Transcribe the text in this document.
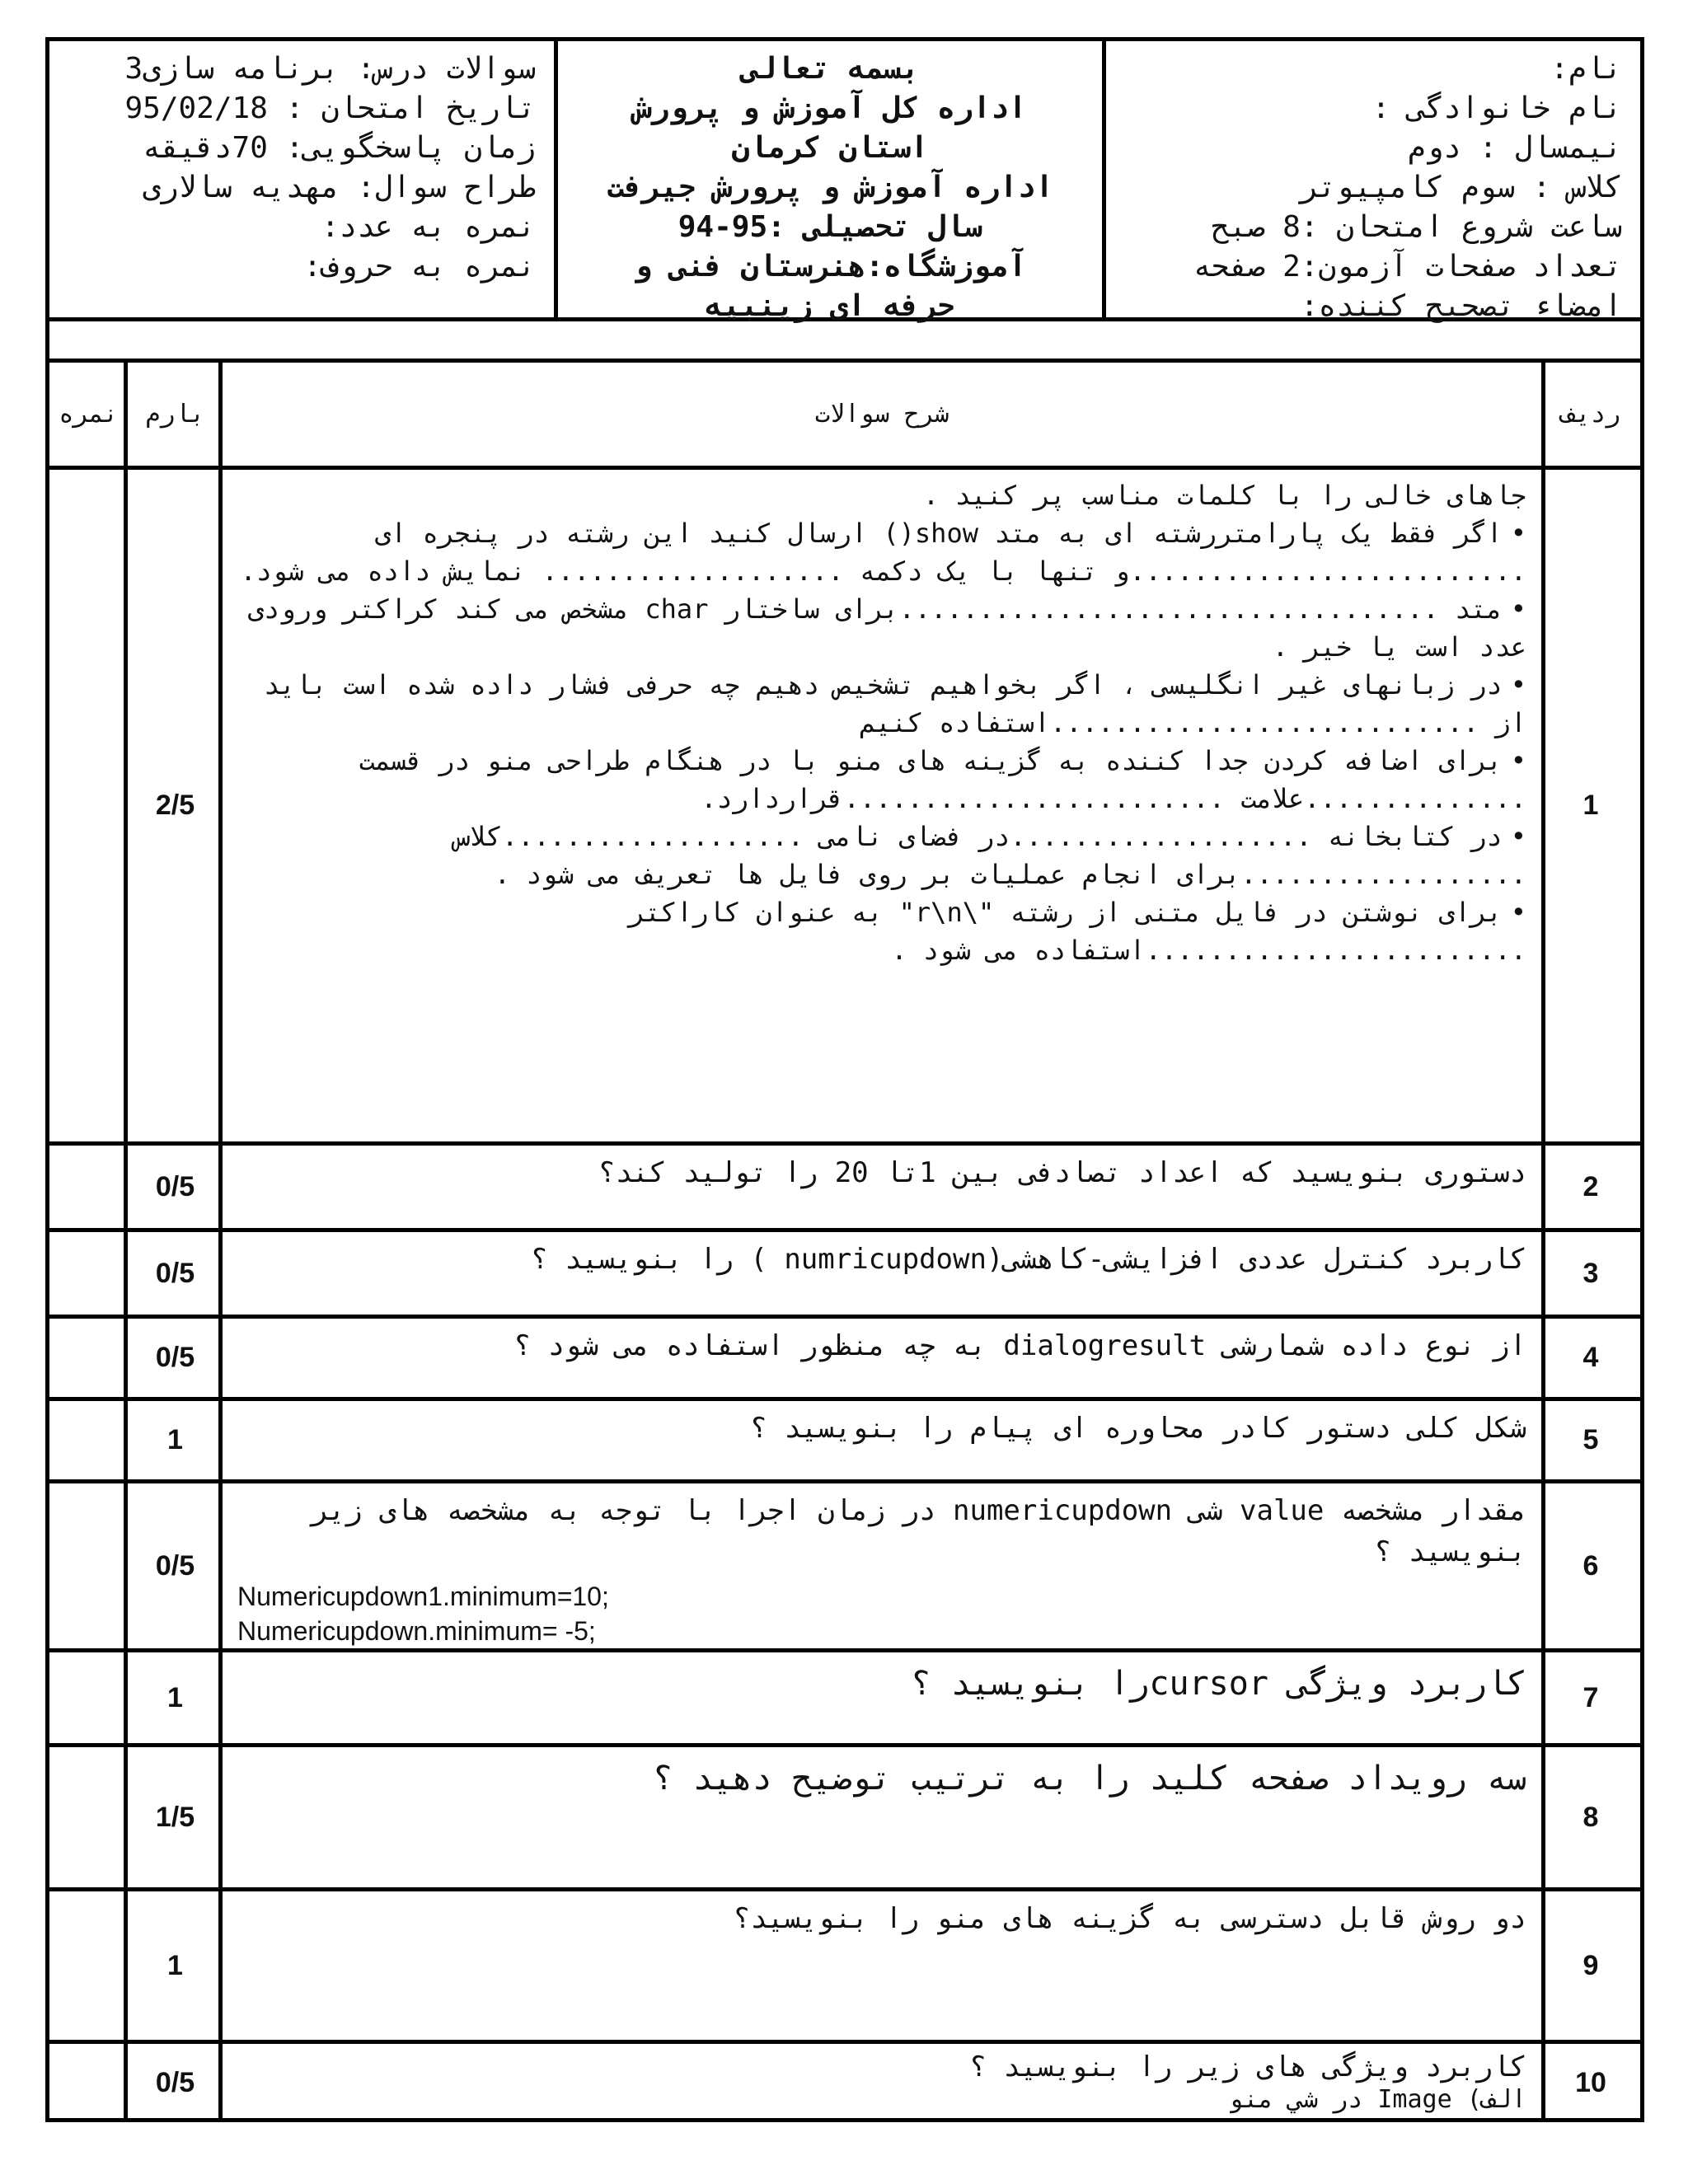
سوالات درس: برنامه سازی3
تاریخ امتحان : 95/02/18
زمان پاسخگویی: 70دقیقه
طراح سوال: مهدیه سالاری
نمره به عدد:
نمره به حروف:
بسمه تعالی
اداره کل آموزش و پرورش
استان کرمان
اداره آموزش و پرورش جیرفت
سال تحصیلی :95-94
آموزشگاه:هنرستان فنی و
حرفه ای زینبیه
نام:
نام خانوادگی :
نیمسال : دوم
کلاس : سوم کامپیوتر
ساعت شروع امتحان :8 صبح
تعداد صفحات آزمون:2 صفحه
امضاء تصحیح کننده:
ردیف
شرح سوالات
بارم
نمره
1
جاهای خالی را با کلمات مناسب پر کنید .
• اگر فقط یک پارامتررشته ای به متد show() ارسال کنید این رشته در پنجره ای .........................و تنها با یک دکمه ................... نمایش داده می شود.
• متد ..................................برای ساختار char مشخص می کند کراکتر ورودی عدد است یا خیر .
• در زبانهای غیر انگلیسی ، اگر بخواهیم تشخیص دهیم چه حرفی فشار داده شده است باید از ...........................استفاده کنیم
• برای اضافه کردن جدا کننده به گزینه های منو با در هنگام طراحی منو در قسمت ..............علامت ........................قراردارد.
• در کتابخانه ...................در فضای نامی ...................کلاس ..................برای انجام عملیات بر روی فایل ها تعریف می شود .
• برای نوشتن در فایل متنی از رشته "\r\n" به عنوان کاراکتر ........................استفاده می شود .
2/5
2
دستوری بنویسید که اعداد تصادفی بین 1تا 20 را تولید کند؟
0/5
3
کاربرد کنترل عددی افزایشی-کاهشی(numricupdown ) را بنویسید ؟
0/5
4
از نوع داده شمارشی dialogresult به چه منظور استفاده می شود ؟
0/5
5
شکل کلی دستور کادر محاوره ای پیام را بنویسید ؟
1
6
مقدار مشخصه value شی numericupdown در زمان اجرا با توجه به مشخصه های زیر بنویسید ؟
Numericupdown1.minimum=10;
Numericupdown.minimum= -5;
0/5
7
کاربرد ویژگی cursorرا بنویسید ؟
1
8
سه رویداد صفحه کلید را به ترتیب توضیح دهید ؟
1/5
9
دو روش قابل دسترسی به گزینه های منو را بنویسید؟
1
10
کاربرد ویژگی های زیر را بنویسید ؟
الف) Image در شي منو
0/5
